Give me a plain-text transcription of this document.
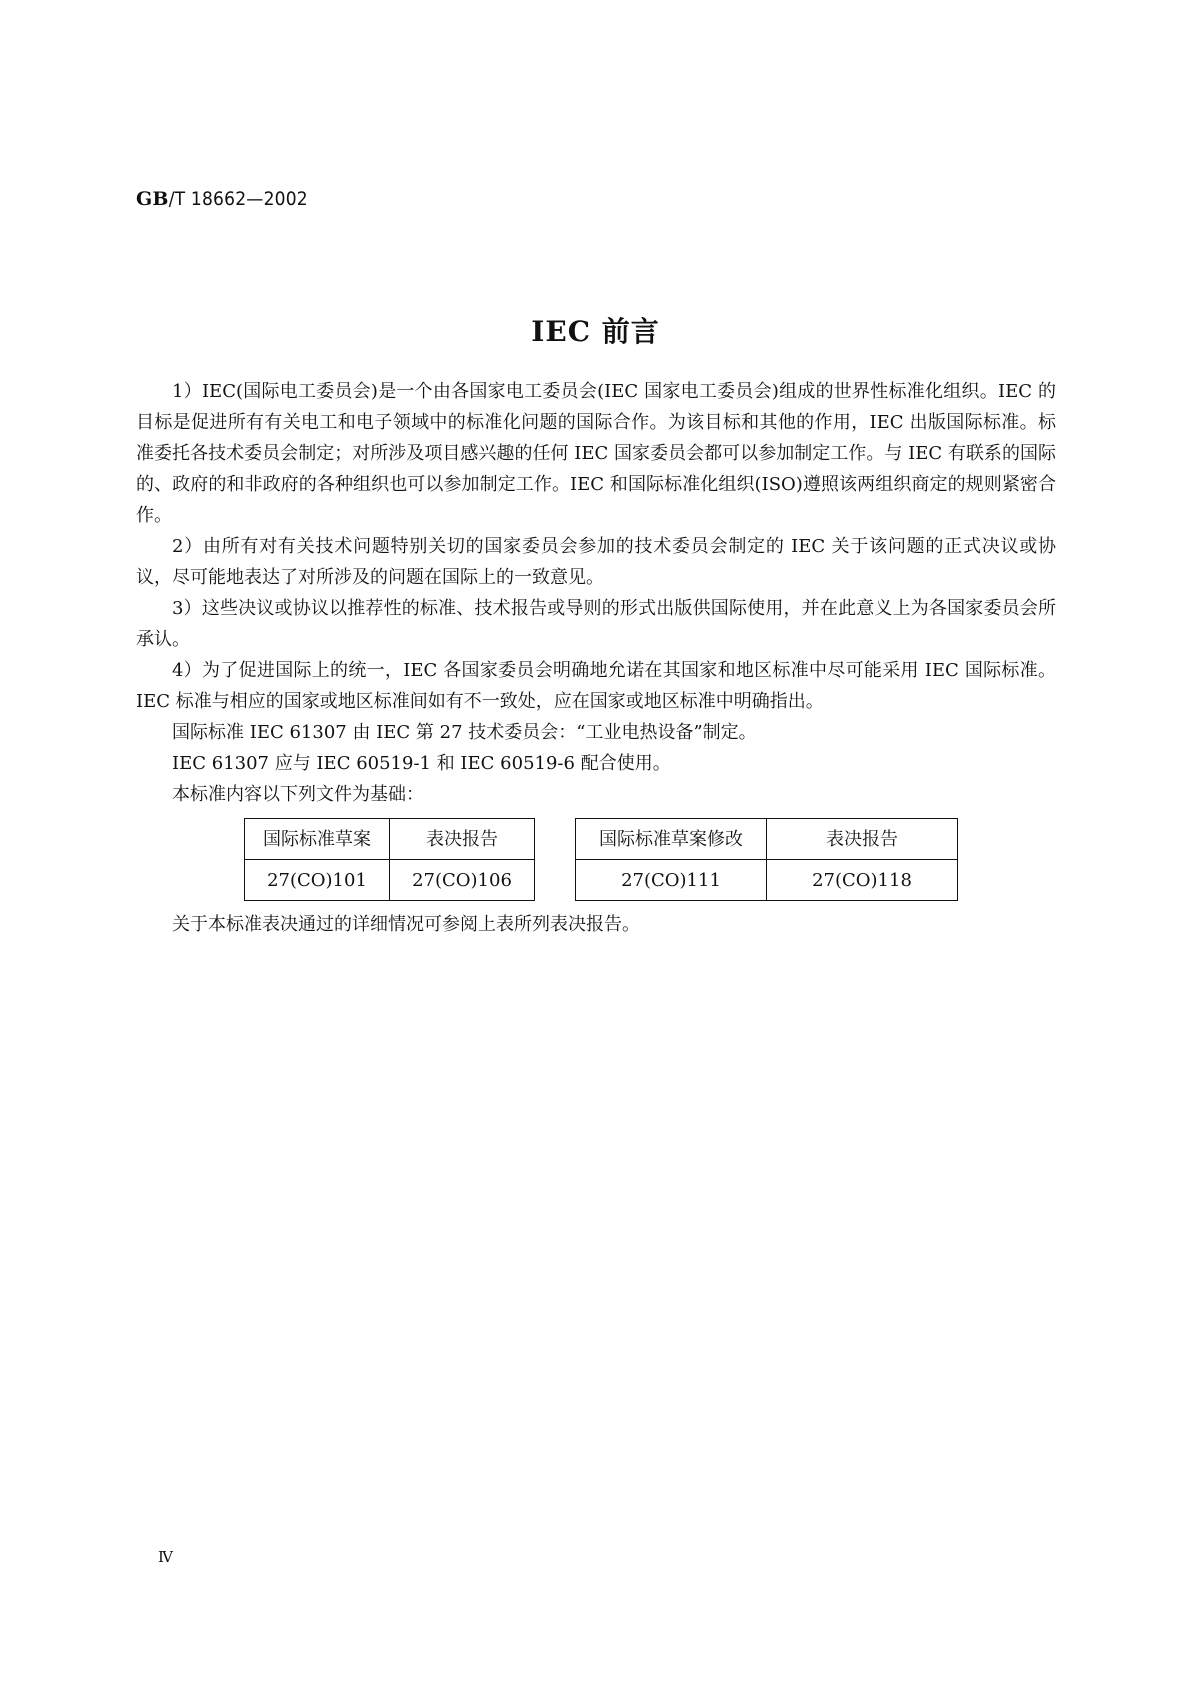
GB/T 18662—2002
IEC 前言

1）IEC(国际电工委员会)是一个由各国家电工委员会(IEC 国家电工委员会)组成的世界性标准化组织。IEC 的目标是促进所有有关电工和电子领域中的标准化问题的国际合作。为该目标和其他的作用，IEC 出版国际标准。标准委托各技术委员会制定；对所涉及项目感兴趣的任何 IEC 国家委员会都可以参加制定工作。与 IEC 有联系的国际的、政府的和非政府的各种组织也可以参加制定工作。IEC 和国际标准化组织(ISO)遵照该两组织商定的规则紧密合作。

2）由所有对有关技术问题特别关切的国家委员会参加的技术委员会制定的 IEC 关于该问题的正式决议或协议，尽可能地表达了对所涉及的问题在国际上的一致意见。

3）这些决议或协议以推荐性的标准、技术报告或导则的形式出版供国际使用，并在此意义上为各国家委员会所承认。

4）为了促进国际上的统一，IEC 各国家委员会明确地允诺在其国家和地区标准中尽可能采用 IEC 国际标准。IEC 标准与相应的国家或地区标准间如有不一致处，应在国家或地区标准中明确指出。

国际标准 IEC 61307 由 IEC 第 27 技术委员会：“工业电热设备”制定。

IEC 61307 应与 IEC 60519-1 和 IEC 60519-6 配合使用。

本标准内容以下列文件为基础：

国际标准草案	表决报告
27(CO)101	27(CO)106
国际标准草案修改	表决报告
27(CO)111	27(CO)118

关于本标准表决通过的详细情况可参阅上表所列表决报告。

Ⅳ
